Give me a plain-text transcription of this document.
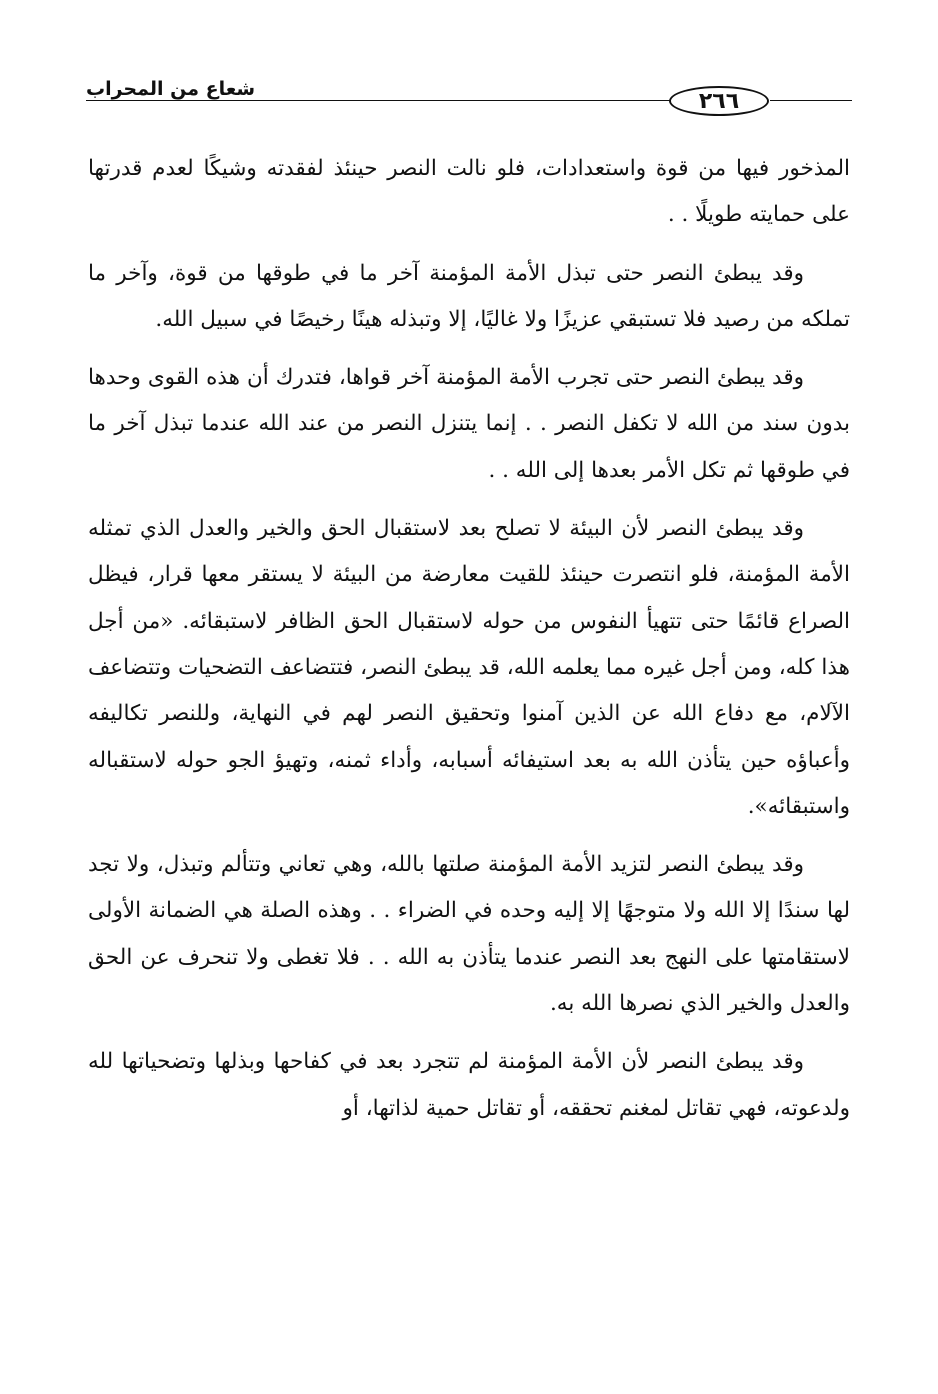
شعاع من المحراب	٢٦٦

المذخور فيها من قوة واستعدادات، فلو نالت النصر حينئذ لفقدته وشيكًا لعدم قدرتها على حمايته طويلًا . .

وقد يبطئ النصر حتى تبذل الأمة المؤمنة آخر ما في طوقها من قوة، وآخر ما تملكه من رصيد فلا تستبقي عزيزًا ولا غاليًا، إلا وتبذله هينًا رخيصًا في سبيل الله.

وقد يبطئ النصر حتى تجرب الأمة المؤمنة آخر قواها، فتدرك أن هذه القوى وحدها بدون سند من الله لا تكفل النصر . . إنما يتنزل النصر من عند الله عندما تبذل آخر ما في طوقها ثم تكل الأمر بعدها إلى الله . .

وقد يبطئ النصر لأن البيئة لا تصلح بعد لاستقبال الحق والخير والعدل الذي تمثله الأمة المؤمنة، فلو انتصرت حينئذ للقيت معارضة من البيئة لا يستقر معها قرار، فيظل الصراع قائمًا حتى تتهيأ النفوس من حوله لاستقبال الحق الظافر لاستبقائه. «من أجل هذا كله، ومن أجل غيره مما يعلمه الله، قد يبطئ النصر، فتتضاعف التضحيات وتتضاعف الآلام، مع دفاع الله عن الذين آمنوا وتحقيق النصر لهم في النهاية، وللنصر تكاليفه وأعباؤه حين يتأذن الله به بعد استيفائه أسبابه، وأداء ثمنه، وتهيؤ الجو حوله لاستقباله واستبقائه».

وقد يبطئ النصر لتزيد الأمة المؤمنة صلتها بالله، وهي تعاني وتتألم وتبذل، ولا تجد لها سندًا إلا الله ولا متوجهًا إلا إليه وحده في الضراء . . وهذه الصلة هي الضمانة الأولى لاستقامتها على النهج بعد النصر عندما يتأذن به الله . . فلا تغطى ولا تنحرف عن الحق والعدل والخير الذي نصرها الله به.

وقد يبطئ النصر لأن الأمة المؤمنة لم تتجرد بعد في كفاحها وبذلها وتضحياتها لله ولدعوته، فهي تقاتل لمغنم تحققه، أو تقاتل حمية لذاتها، أو
